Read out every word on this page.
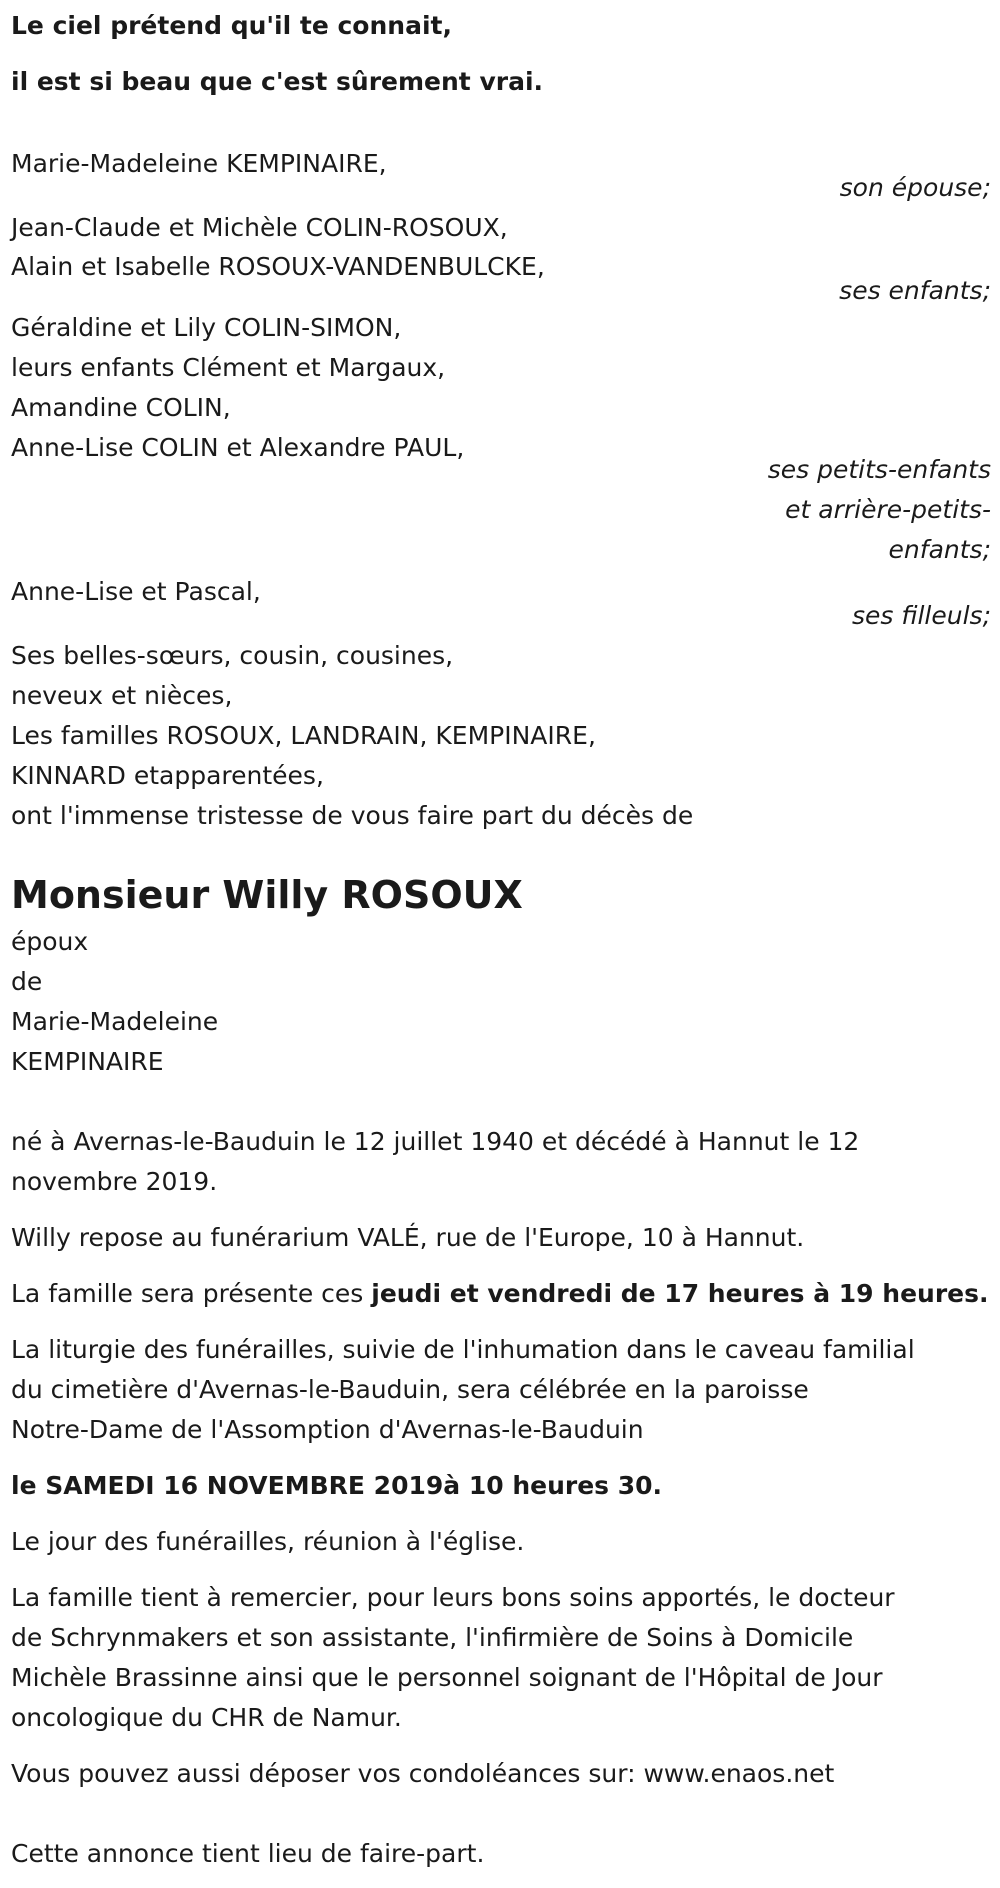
Le ciel prétend qu'il te connait,
il est si beau que c'est sûrement vrai.
Marie-Madeleine KEMPINAIRE,
son épouse;
Jean-Claude et Michèle COLIN-ROSOUX,
Alain et Isabelle ROSOUX-VANDENBULCKE,
ses enfants;
Géraldine et Lily COLIN-SIMON,
leurs enfants Clément et Margaux,
Amandine COLIN,
Anne-Lise COLIN et Alexandre PAUL,
ses petits-enfants
et arrière-petits-
enfants;
Anne-Lise et Pascal,
ses filleuls;
Ses belles-sœurs, cousin, cousines,
neveux et nièces,
Les familles ROSOUX, LANDRAIN, KEMPINAIRE,
KINNARD etapparentées,
ont l'immense tristesse de vous faire part du décès de
Monsieur Willy ROSOUX
époux
de
Marie-Madeleine
KEMPINAIRE
né à Avernas-le-Bauduin le 12 juillet 1940 et décédé à Hannut le 12
novembre 2019.
Willy repose au funérarium VALÉ, rue de l'Europe, 10 à Hannut.
La famille sera présente ces jeudi et vendredi de 17 heures à 19 heures.
La liturgie des funérailles, suivie de l'inhumation dans le caveau familial
du cimetière d'Avernas-le-Bauduin, sera célébrée en la paroisse
Notre-Dame de l'Assomption d'Avernas-le-Bauduin
le SAMEDI 16 NOVEMBRE 2019à 10 heures 30.
Le jour des funérailles, réunion à l'église.
La famille tient à remercier, pour leurs bons soins apportés, le docteur
de Schrynmakers et son assistante, l'infirmière de Soins à Domicile
Michèle Brassinne ainsi que le personnel soignant de l'Hôpital de Jour
oncologique du CHR de Namur.
Vous pouvez aussi déposer vos condoléances sur: www.enaos.net
Cette annonce tient lieu de faire-part.
